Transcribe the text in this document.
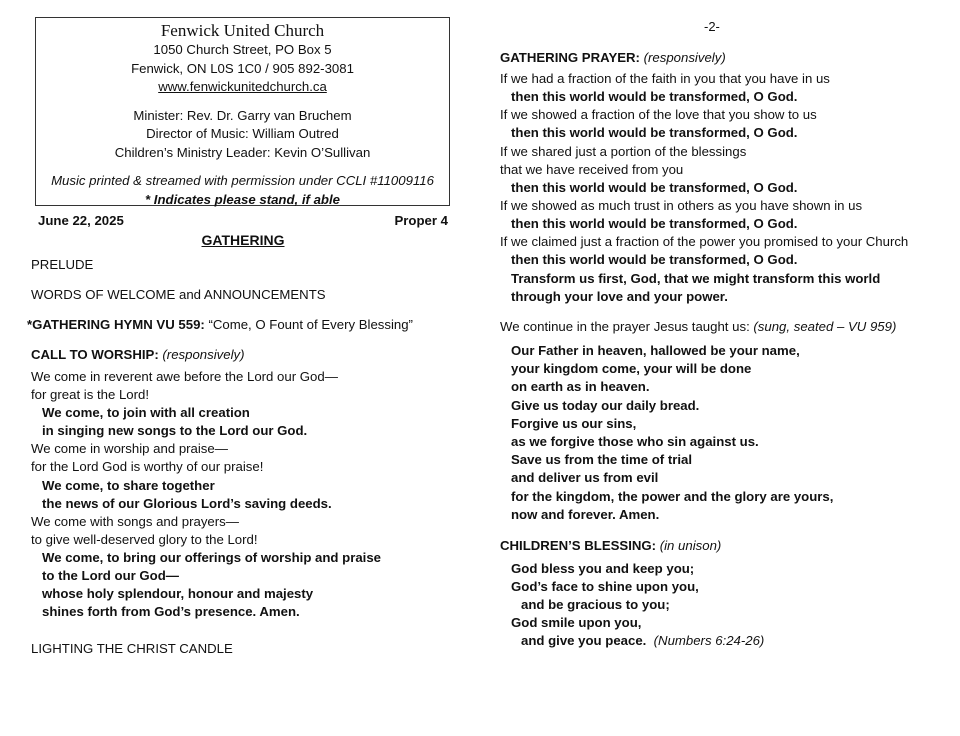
Fenwick United Church
1050 Church Street, PO Box 5
Fenwick, ON L0S 1C0 / 905 892-3081
www.fenwickunitedchurch.ca
Minister: Rev. Dr. Garry van Bruchem
Director of Music: William Outred
Children’s Ministry Leader: Kevin O’Sullivan
Music printed & streamed with permission under CCLI #11009116
* Indicates please stand, if able
June 22, 2025	Proper 4
GATHERING
PRELUDE
WORDS OF WELCOME and ANNOUNCEMENTS
*GATHERING HYMN VU 559: “Come, O Fount of Every Blessing”
CALL TO WORSHIP: (responsively)
We come in reverent awe before the Lord our God—
for great is the Lord!
We come, to join with all creation
in singing new songs to the Lord our God.
We come in worship and praise—
for the Lord God is worthy of our praise!
We come, to share together
the news of our Glorious Lord’s saving deeds.
We come with songs and prayers—
to give well-deserved glory to the Lord!
We come, to bring our offerings of worship and praise
to the Lord our God—
whose holy splendour, honour and majesty
shines forth from God’s presence. Amen.
LIGHTING THE CHRIST CANDLE
-2-
GATHERING PRAYER: (responsively)
If we had a fraction of the faith in you that you have in us
then this world would be transformed, O God.
If we showed a fraction of the love that you show to us
then this world would be transformed, O God.
If we shared just a portion of the blessings
that we have received from you
then this world would be transformed, O God.
If we showed as much trust in others as you have shown in us
then this world would be transformed, O God.
If we claimed just a fraction of the power you promised to your Church
then this world would be transformed, O God.
Transform us first, God, that we might transform this world
through your love and your power.
We continue in the prayer Jesus taught us: (sung, seated – VU 959)
Our Father in heaven, hallowed be your name,
your kingdom come, your will be done
on earth as in heaven.
Give us today our daily bread.
Forgive us our sins,
as we forgive those who sin against us.
Save us from the time of trial
and deliver us from evil
for the kingdom, the power and the glory are yours,
now and forever. Amen.
CHILDREN’S BLESSING: (in unison)
God bless you and keep you;
God’s face to shine upon you,
and be gracious to you;
God smile upon you,
and give you peace. (Numbers 6:24-26)
